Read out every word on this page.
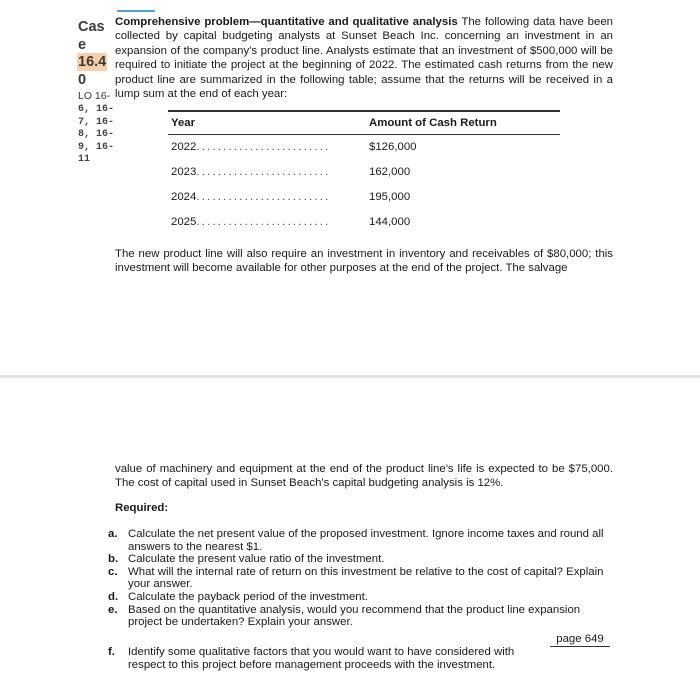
Cas
e
16.4
0
LO 16-
6, 16-
7, 16-
8, 16-
9, 16-
11
Comprehensive problem—quantitative and qualitative analysis The following data have been collected by capital budgeting analysts at Sunset Beach Inc. concerning an investment in an expansion of the company's product line. Analysts estimate that an investment of $500,000 will be required to initiate the project at the beginning of 2022. The estimated cash returns from the new product line are summarized in the following table; assume that the returns will be received in a lump sum at the end of each year:
Year	Amount of Cash Return
2022.........................	$126,000
2023.........................	162,000
2024.........................	195,000
2025.........................	144,000
The new product line will also require an investment in inventory and receivables of $80,000; this investment will become available for other purposes at the end of the project. The salvage
value of machinery and equipment at the end of the product line's life is expected to be $75,000. The cost of capital used in Sunset Beach's capital budgeting analysis is 12%.
Required:
a. Calculate the net present value of the proposed investment. Ignore income taxes and round all answers to the nearest $1.
b. Calculate the present value ratio of the investment.
c. What will the internal rate of return on this investment be relative to the cost of capital? Explain your answer.
d. Calculate the payback period of the investment.
e. Based on the quantitative analysis, would you recommend that the product line expansion project be undertaken? Explain your answer.
page 649
f.	Identify some qualitative factors that you would want to have considered with respect to this project before management proceeds with the investment.
